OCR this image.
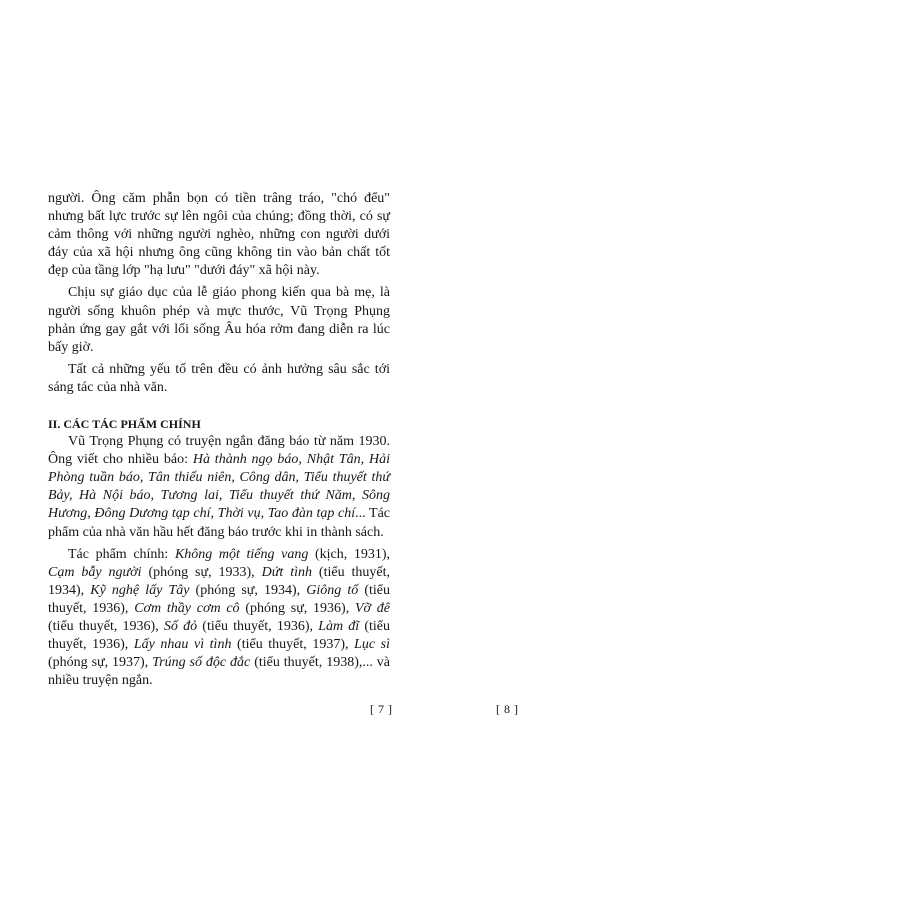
người. Ông căm phẫn bọn có tiền trâng tráo, "chó đểu" nhưng bất lực trước sự lên ngôi của chúng; đồng thời, có sự cảm thông với những người nghèo, những con người dưới đáy của xã hội nhưng ông cũng không tin vào bản chất tốt đẹp của tầng lớp "hạ lưu" "dưới đáy" xã hội này.

Chịu sự giáo dục của lễ giáo phong kiến qua bà mẹ, là người sống khuôn phép và mực thước, Vũ Trọng Phụng phản ứng gay gắt với lối sống Âu hóa rởm đang diễn ra lúc bấy giờ.

Tất cả những yếu tố trên đều có ảnh hưởng sâu sắc tới sáng tác của nhà văn.

II. CÁC TÁC PHẨM CHÍNH

Vũ Trọng Phụng có truyện ngắn đăng báo từ năm 1930. Ông viết cho nhiều báo: Hà thành ngọ báo, Nhật Tân, Hải Phòng tuần báo, Tân thiếu niên, Công dân, Tiểu thuyết thứ Bảy, Hà Nội báo, Tương lai, Tiểu thuyết thứ Năm, Sông Hương, Đông Dương tạp chí, Thời vụ, Tao đàn tạp chí... Tác phẩm của nhà văn hầu hết đăng báo trước khi in thành sách.

Tác phẩm chính: Không một tiếng vang (kịch, 1931), Cạm bẫy người (phóng sự, 1933), Dứt tình (tiểu thuyết, 1934), Kỹ nghệ lấy Tây (phóng sự, 1934), Giông tố (tiểu thuyết, 1936), Cơm thầy cơm cô (phóng sự, 1936), Vỡ đê (tiểu thuyết, 1936), Số đỏ (tiểu thuyết, 1936), Làm đĩ (tiểu thuyết, 1936), Lấy nhau vì tình (tiểu thuyết, 1937), Lục sì (phóng sự, 1937), Trúng số độc đắc (tiểu thuyết, 1938),... và nhiều truyện ngắn.

[ 7 ]	[ 8 ]
